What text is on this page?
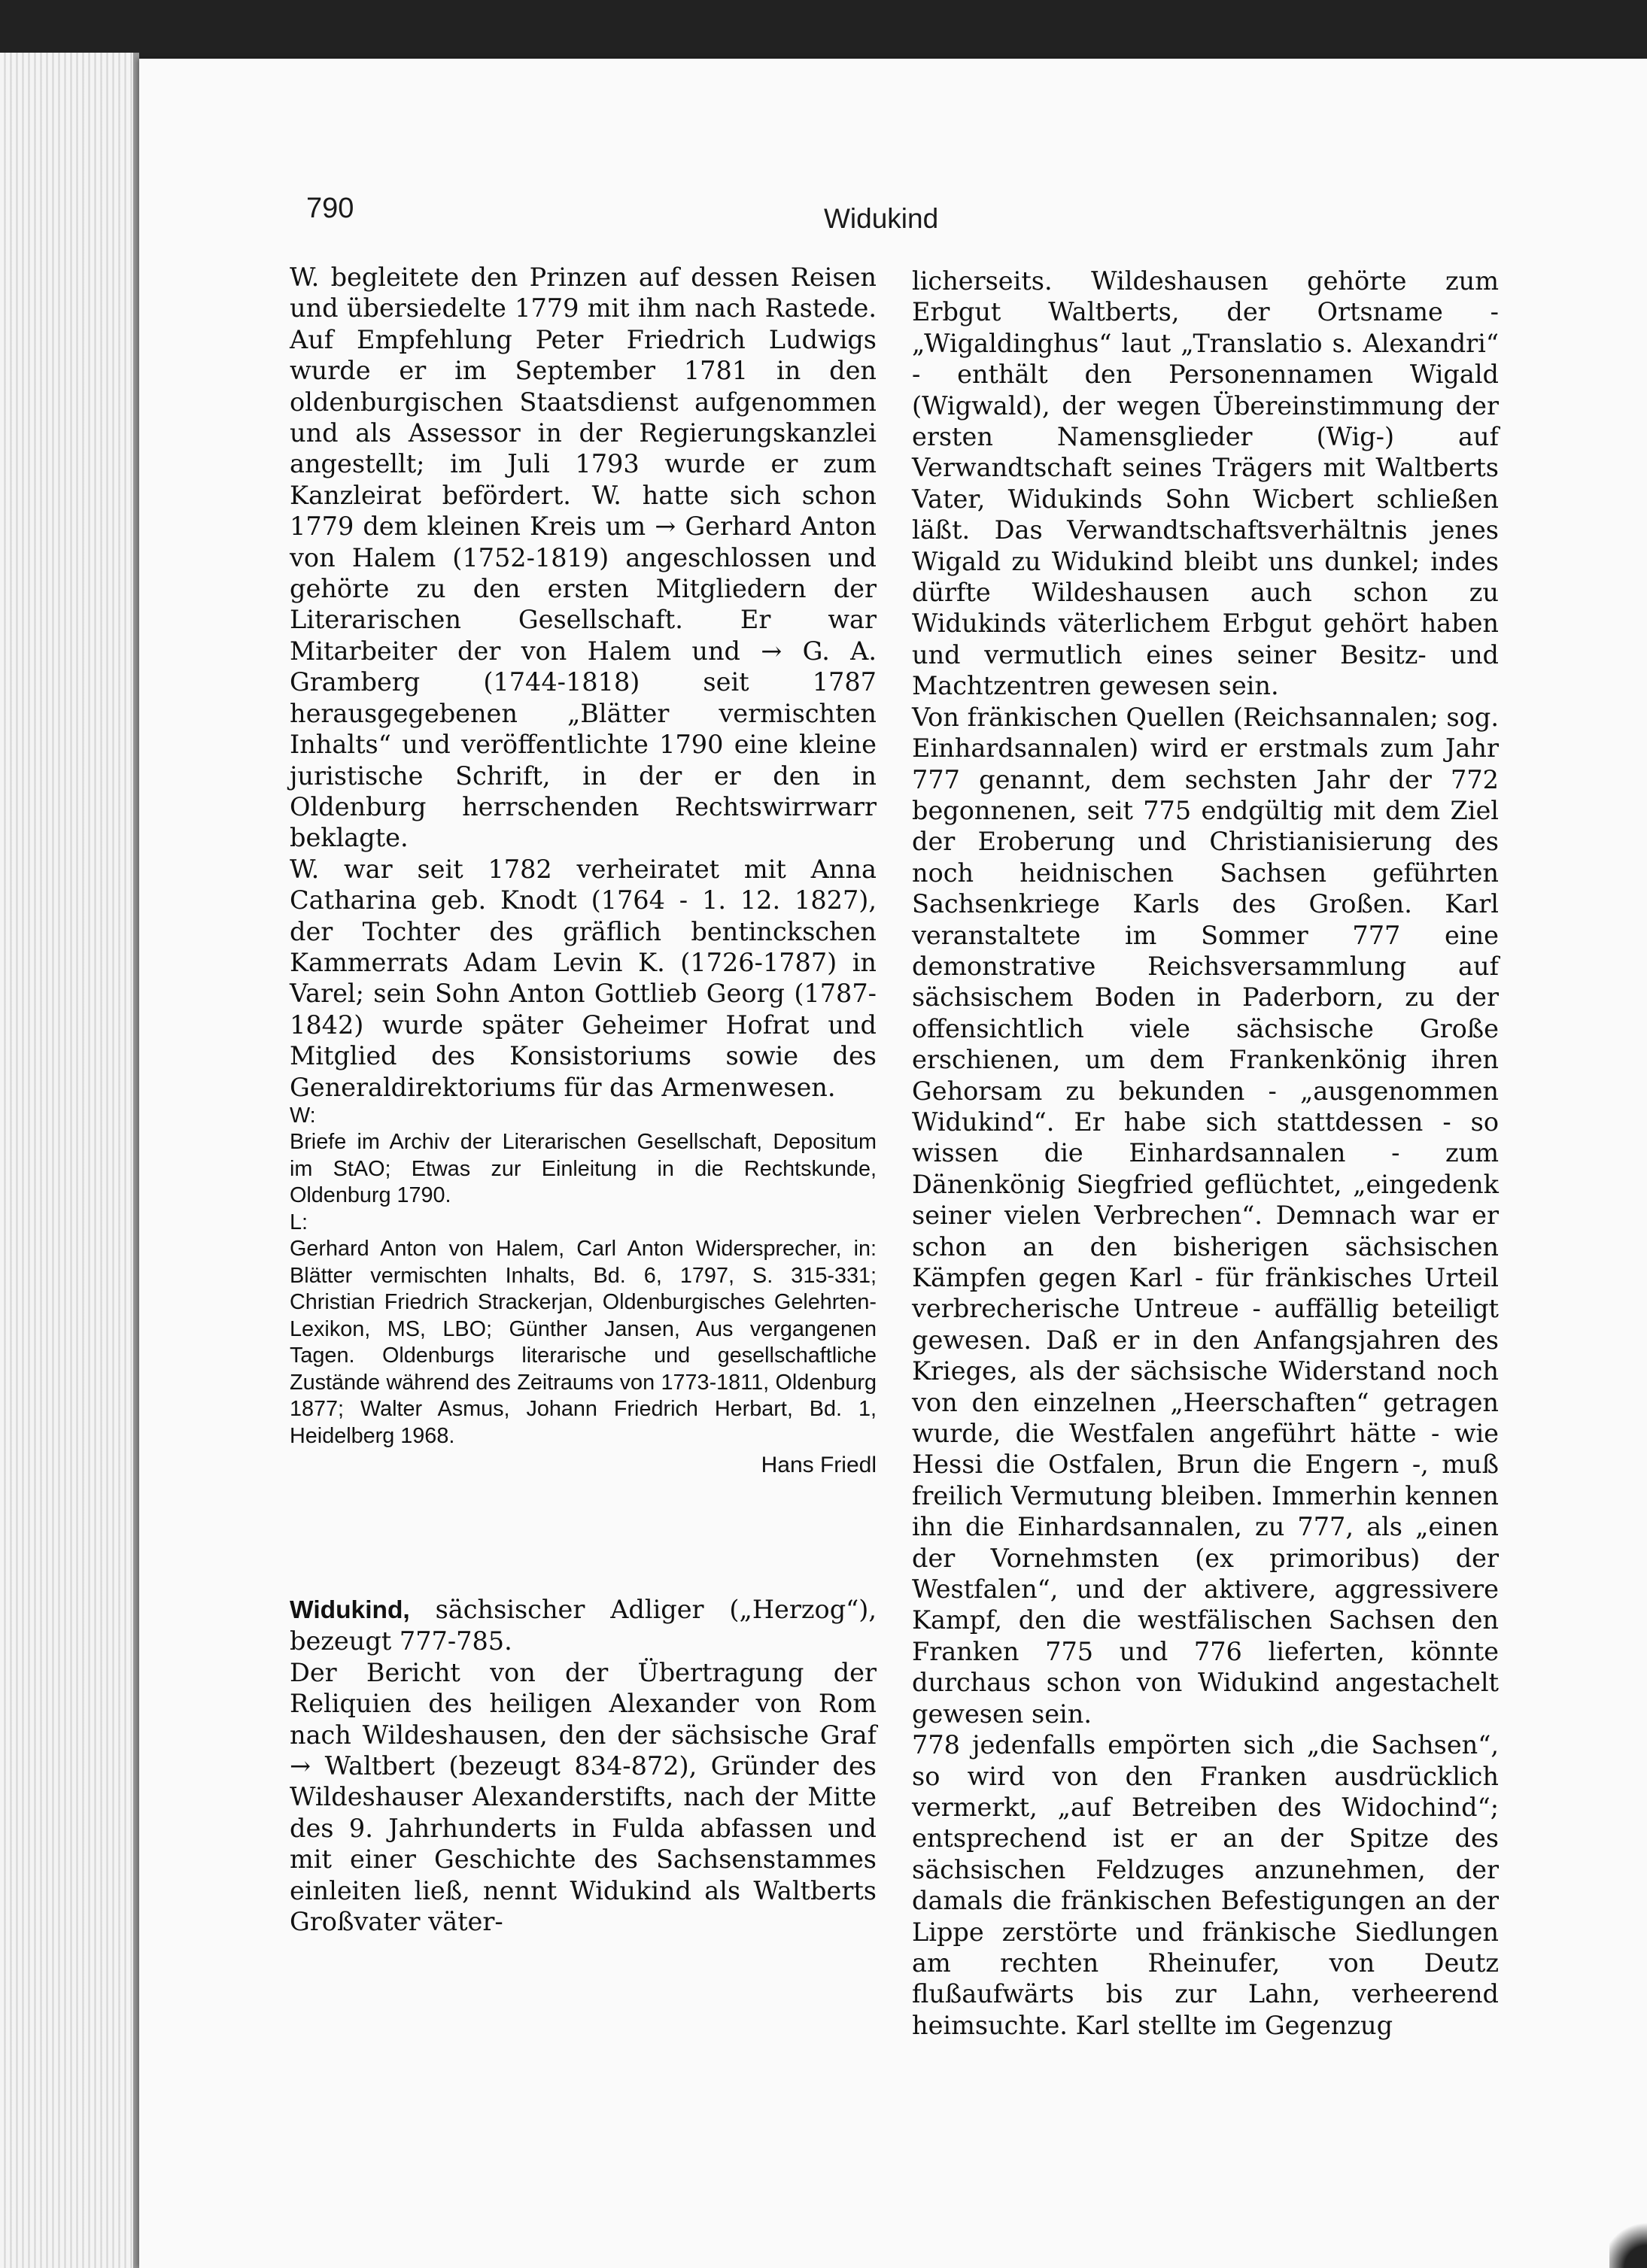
790	Widukind

W. begleitete den Prinzen auf dessen Reisen und übersiedelte 1779 mit ihm nach Rastede. Auf Empfehlung Peter Friedrich Ludwigs wurde er im September 1781 in den oldenburgischen Staatsdienst aufgenommen und als Assessor in der Regierungskanzlei angestellt; im Juli 1793 wurde er zum Kanzleirat befördert. W. hatte sich schon 1779 dem kleinen Kreis um → Gerhard Anton von Halem (1752-1819) angeschlossen und gehörte zu den ersten Mitgliedern der Literarischen Gesellschaft. Er war Mitarbeiter der von Halem und → G. A. Gramberg (1744-1818) seit 1787 herausgegebenen „Blätter vermischten Inhalts“ und veröffentlichte 1790 eine kleine juristische Schrift, in der er den in Oldenburg herrschenden Rechtswirrwarr beklagte.

W. war seit 1782 verheiratet mit Anna Catharina geb. Knodt (1764 - 1. 12. 1827), der Tochter des gräflich bentinckschen Kammerrats Adam Levin K. (1726-1787) in Varel; sein Sohn Anton Gottlieb Georg (1787-1842) wurde später Geheimer Hofrat und Mitglied des Konsistoriums sowie des Generaldirektoriums für das Armenwesen.

W:

Briefe im Archiv der Literarischen Gesellschaft, Depositum im StAO; Etwas zur Einleitung in die Rechtskunde, Oldenburg 1790.

L:

Gerhard Anton von Halem, Carl Anton Widersprecher, in: Blätter vermischten Inhalts, Bd. 6, 1797, S. 315-331; Christian Friedrich Strackerjan, Oldenburgisches Gelehrten-Lexikon, MS, LBO; Günther Jansen, Aus vergangenen Tagen. Oldenburgs literarische und gesellschaftliche Zustände während des Zeitraums von 1773-1811, Oldenburg 1877; Walter Asmus, Johann Friedrich Herbart, Bd. 1, Heidelberg 1968.

Hans Friedl

Widukind, sächsischer Adliger („Herzog“), bezeugt 777-785.

Der Bericht von der Übertragung der Reliquien des heiligen Alexander von Rom nach Wildeshausen, den der sächsische Graf → Waltbert (bezeugt 834-872), Gründer des Wildeshauser Alexanderstifts, nach der Mitte des 9. Jahrhunderts in Fulda abfassen und mit einer Geschichte des Sachsenstammes einleiten ließ, nennt Widukind als Waltberts Großvater väter-

licherseits. Wildeshausen gehörte zum Erbgut Waltberts, der Ortsname - „Wigaldinghus“ laut „Translatio s. Alexandri“ - enthält den Personennamen Wigald (Wigwald), der wegen Übereinstimmung der ersten Namensglieder (Wig-) auf Verwandtschaft seines Trägers mit Waltberts Vater, Widukinds Sohn Wicbert schließen läßt. Das Verwandtschaftsverhältnis jenes Wigald zu Widukind bleibt uns dunkel; indes dürfte Wildeshausen auch schon zu Widukinds väterlichem Erbgut gehört haben und vermutlich eines seiner Besitz- und Machtzentren gewesen sein.

Von fränkischen Quellen (Reichsannalen; sog. Einhardsannalen) wird er erstmals zum Jahr 777 genannt, dem sechsten Jahr der 772 begonnenen, seit 775 endgültig mit dem Ziel der Eroberung und Christianisierung des noch heidnischen Sachsen geführten Sachsenkriege Karls des Großen. Karl veranstaltete im Sommer 777 eine demonstrative Reichsversammlung auf sächsischem Boden in Paderborn, zu der offensichtlich viele sächsische Große erschienen, um dem Frankenkönig ihren Gehorsam zu bekunden - „ausgenommen Widukind“. Er habe sich stattdessen - so wissen die Einhardsannalen - zum Dänenkönig Siegfried geflüchtet, „eingedenk seiner vielen Verbrechen“. Demnach war er schon an den bisherigen sächsischen Kämpfen gegen Karl - für fränkisches Urteil verbrecherische Untreue - auffällig beteiligt gewesen. Daß er in den Anfangsjahren des Krieges, als der sächsische Widerstand noch von den einzelnen „Heerschaften“ getragen wurde, die Westfalen angeführt hätte - wie Hessi die Ostfalen, Brun die Engern -, muß freilich Vermutung bleiben. Immerhin kennen ihn die Einhardsannalen, zu 777, als „einen der Vornehmsten (ex primoribus) der Westfalen“, und der aktivere, aggressivere Kampf, den die westfälischen Sachsen den Franken 775 und 776 lieferten, könnte durchaus schon von Widukind angestachelt gewesen sein.

778 jedenfalls empörten sich „die Sachsen“, so wird von den Franken ausdrücklich vermerkt, „auf Betreiben des Widochind“; entsprechend ist er an der Spitze des sächsischen Feldzuges anzunehmen, der damals die fränkischen Befestigungen an der Lippe zerstörte und fränkische Siedlungen am rechten Rheinufer, von Deutz flußaufwärts bis zur Lahn, verheerend heimsuchte. Karl stellte im Gegenzug
